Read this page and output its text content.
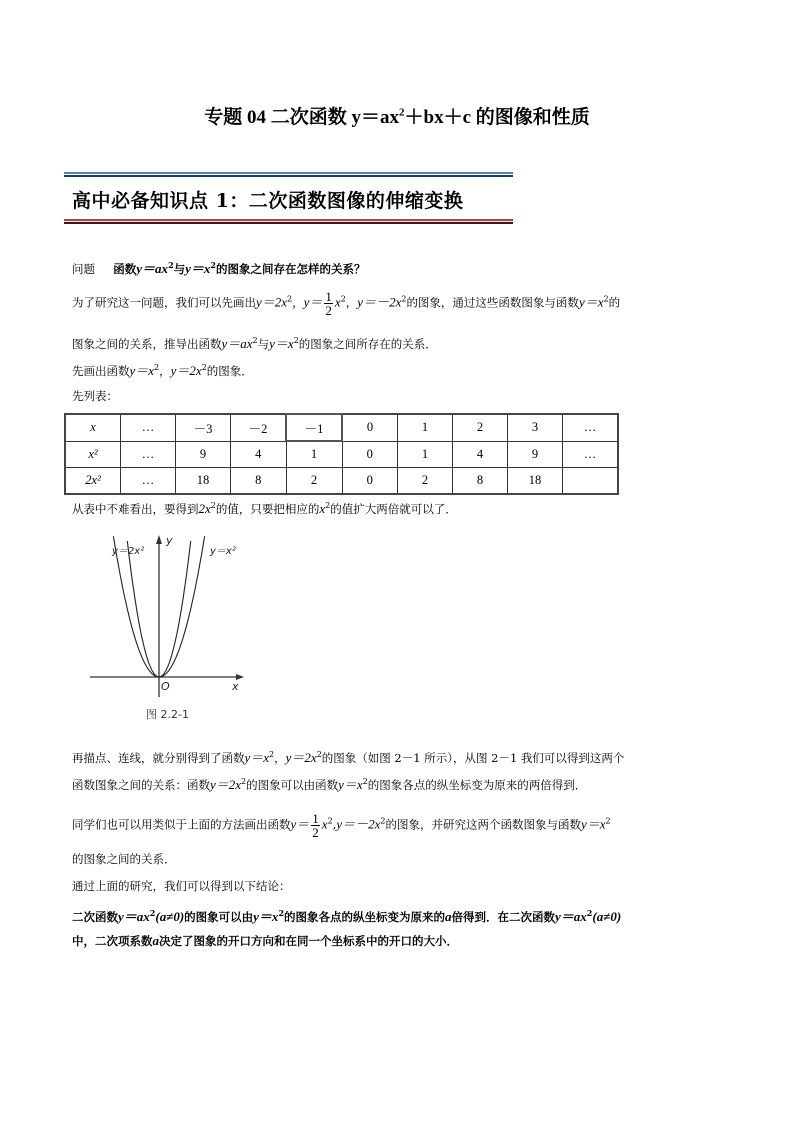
专题 04 二次函数 $y=ax^2+bx+c$ 的图像和性质
高中必备知识点 1：二次函数图像的伸缩变换
问题 函数$y=ax^2$与$y=x^2$的图象之间存在怎样的关系？
为了研究这一问题，我们可以先画出$y=2x^2$，$y= \frac{1}{2} x^2$，$y=-2x^2$的图象，通过这些函数图象与函数$y=x^2$的
图象之间的关系，推导出函数$y=ax^2$与$y=x^2$的图象之间所存在的关系．
先画出函数$y=x^2$，$y=2x^2$的图象．
先列表：
x	…	－3	－2	－1	0	1	2	3	…
x²	…	9	4	1	0	1	4	9	…
2x²	…	18	8	2	0	2	8	18	
从表中不难看出，要得到$2x^2$的值，只要把相应的$x^2$的值扩大两倍就可以了．
y＝2x²	y＝x²
y
x
O
图 2.2-1
再描点、连线，就分别得到了函数$y=x^2$，$y=2x^2$的图象（如图 2－1 所示），从图 2－1 我们可以得到这两个
函数图象之间的关系：函数$y=2x^2$的图象可以由函数$y=x^2$的图象各点的纵坐标变为原来的两倍得到．
同学们也可以用类似于上面的方法画出函数$y= \frac{1}{2} x^2,y=-2x^2$的图象，并研究这两个函数图象与函数$y=x^2$
的图象之间的关系．
通过上面的研究，我们可以得到以下结论：
二次函数$y=ax^2(a\ne 0)$的图象可以由$y=x^2$的图象各点的纵坐标变为原来的a倍得到．在二次函数$y=ax^2(a\ne 0)$
中，二次项系数a决定了图象的开口方向和在同一个坐标系中的开口的大小．
